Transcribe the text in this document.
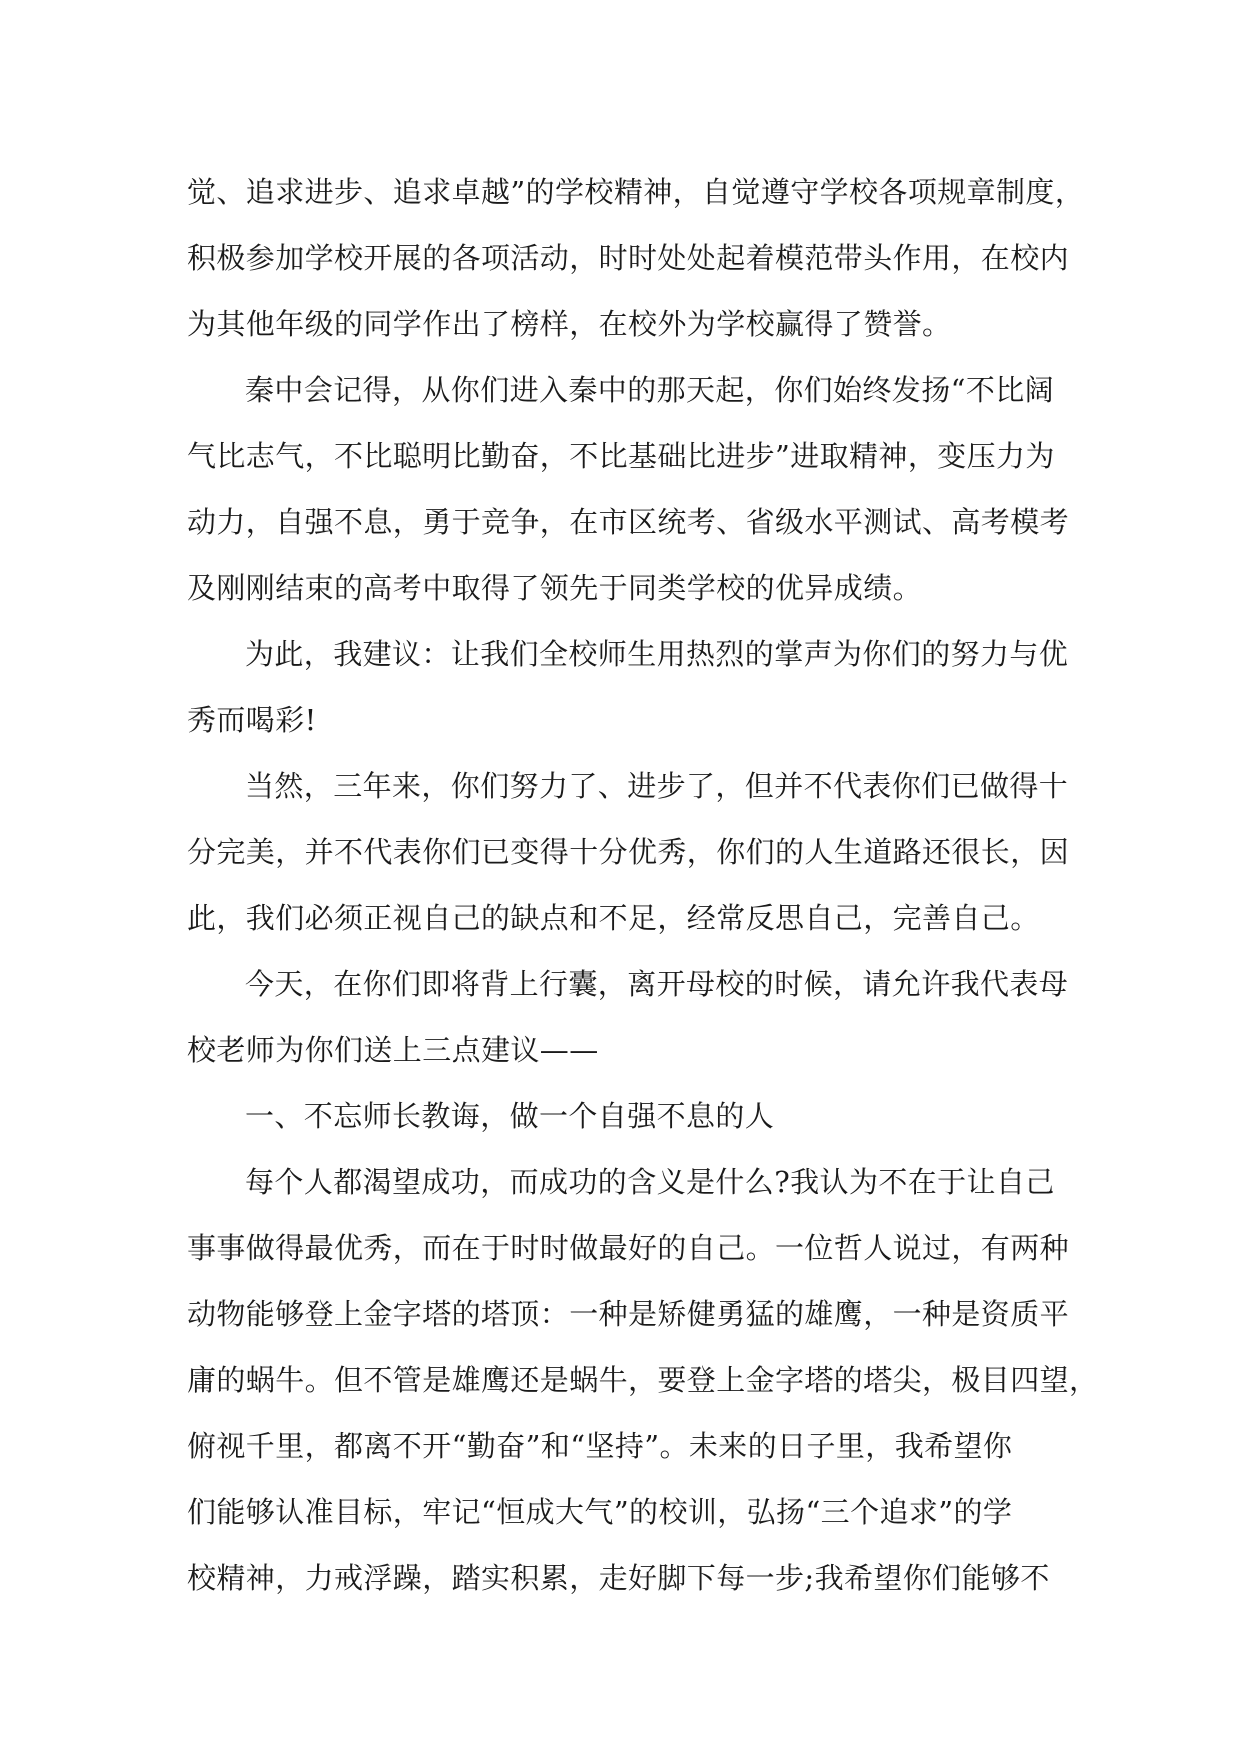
觉、追求进步、追求卓越”的学校精神，自觉遵守学校各项规章制度，
积极参加学校开展的各项活动，时时处处起着模范带头作用，在校内
为其他年级的同学作出了榜样，在校外为学校赢得了赞誉。
秦中会记得，从你们进入秦中的那天起，你们始终发扬“不比阔
气比志气，不比聪明比勤奋，不比基础比进步”进取精神，变压力为
动力，自强不息，勇于竞争，在市区统考、省级水平测试、高考模考
及刚刚结束的高考中取得了领先于同类学校的优异成绩。
为此，我建议：让我们全校师生用热烈的掌声为你们的努力与优
秀而喝彩!
当然，三年来，你们努力了、进步了，但并不代表你们已做得十
分完美，并不代表你们已变得十分优秀，你们的人生道路还很长，因
此，我们必须正视自己的缺点和不足，经常反思自己，完善自己。
今天，在你们即将背上行囊，离开母校的时候，请允许我代表母
校老师为你们送上三点建议——
一、不忘师长教诲，做一个自强不息的人
每个人都渴望成功，而成功的含义是什么?我认为不在于让自己
事事做得最优秀，而在于时时做最好的自己。一位哲人说过，有两种
动物能够登上金字塔的塔顶：一种是矫健勇猛的雄鹰，一种是资质平
庸的蜗牛。但不管是雄鹰还是蜗牛，要登上金字塔的塔尖，极目四望，
俯视千里，都离不开“勤奋”和“坚持”。未来的日子里，我希望你
们能够认准目标，牢记“恒成大气”的校训，弘扬“三个追求”的学
校精神，力戒浮躁，踏实积累，走好脚下每一步;我希望你们能够不
